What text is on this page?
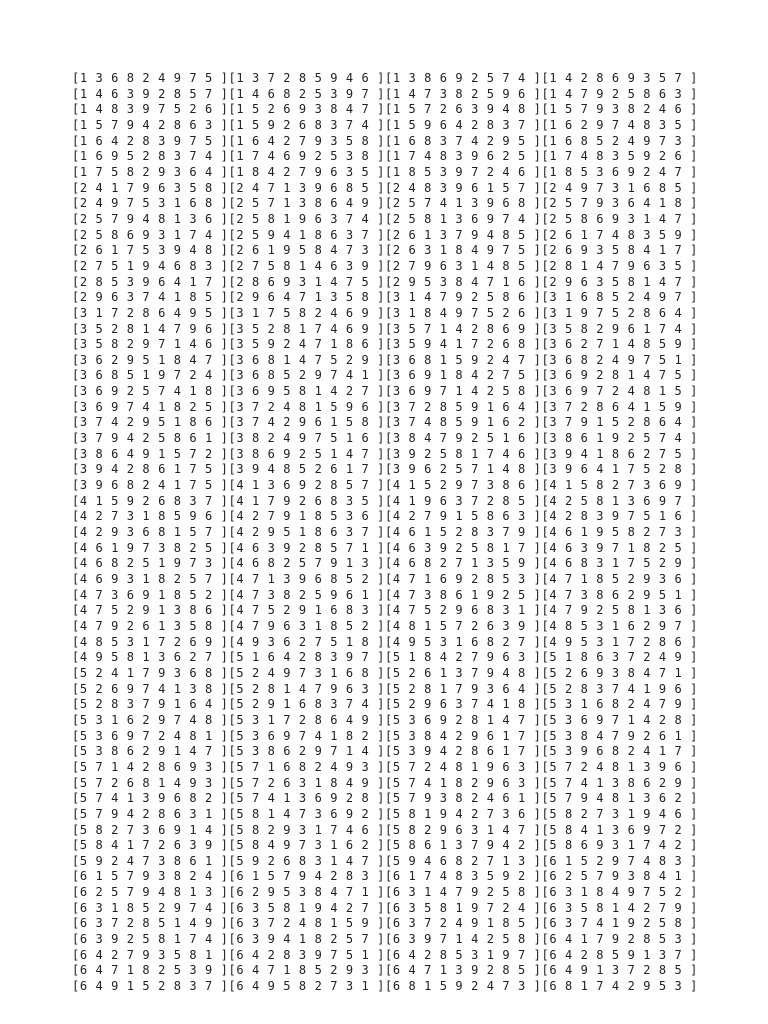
[1 3 6 8 2 4 9 7 5 ] [1 3 7 2 8 5 9 4 6 ] [1 3 8 6 9 2 5 7 4 ] [1 4 2 8 6 9 3 5 7 ]
[1 4 6 3 9 2 8 5 7 ] [1 4 6 8 2 5 3 9 7 ] [1 4 7 3 8 2 5 9 6 ] [1 4 7 9 2 5 8 6 3 ]
[1 4 8 3 9 7 5 2 6 ] [1 5 2 6 9 3 8 4 7 ] [1 5 7 2 6 3 9 4 8 ] [1 5 7 9 3 8 2 4 6 ]
[1 5 7 9 4 2 8 6 3 ] [1 5 9 2 6 8 3 7 4 ] [1 5 9 6 4 2 8 3 7 ] [1 6 2 9 7 4 8 3 5 ]
[1 6 4 2 8 3 9 7 5 ] [1 6 4 2 7 9 3 5 8 ] [1 6 8 3 7 4 2 9 5 ] [1 6 8 5 2 4 9 7 3 ]
[1 6 9 5 2 8 3 7 4 ] [1 7 4 6 9 2 5 3 8 ] [1 7 4 8 3 9 6 2 5 ] [1 7 4 8 3 5 9 2 6 ]
[1 7 5 8 2 9 3 6 4 ] [1 8 4 2 7 9 6 3 5 ] [1 8 5 3 9 7 2 4 6 ] [1 8 5 3 6 9 2 4 7 ]
[2 4 1 7 9 6 3 5 8 ] [2 4 7 1 3 9 6 8 5 ] [2 4 8 3 9 6 1 5 7 ] [2 4 9 7 3 1 6 8 5 ]
[2 4 9 7 5 3 1 6 8 ] [2 5 7 1 3 8 6 4 9 ] [2 5 7 4 1 3 9 6 8 ] [2 5 7 9 3 6 4 1 8 ]
[2 5 7 9 4 8 1 3 6 ] [2 5 8 1 9 6 3 7 4 ] [2 5 8 1 3 6 9 7 4 ] [2 5 8 6 9 3 1 4 7 ]
[2 5 8 6 9 3 1 7 4 ] [2 5 9 4 1 8 6 3 7 ] [2 6 1 3 7 9 4 8 5 ] [2 6 1 7 4 8 3 5 9 ]
[2 6 1 7 5 3 9 4 8 ] [2 6 1 9 5 8 4 7 3 ] [2 6 3 1 8 4 9 7 5 ] [2 6 9 3 5 8 4 1 7 ]
[2 7 5 1 9 4 6 8 3 ] [2 7 5 8 1 4 6 3 9 ] [2 7 9 6 3 1 4 8 5 ] [2 8 1 4 7 9 6 3 5 ]
[2 8 5 3 9 6 4 1 7 ] [2 8 6 9 3 1 4 7 5 ] [2 9 5 3 8 4 7 1 6 ] [2 9 6 3 5 8 1 4 7 ]
[2 9 6 3 7 4 1 8 5 ] [2 9 6 4 7 1 3 5 8 ] [3 1 4 7 9 2 5 8 6 ] [3 1 6 8 5 2 4 9 7 ]
[3 1 7 2 8 6 4 9 5 ] [3 1 7 5 8 2 4 6 9 ] [3 1 8 4 9 7 5 2 6 ] [3 1 9 7 5 2 8 6 4 ]
[3 5 2 8 1 4 7 9 6 ] [3 5 2 8 1 7 4 6 9 ] [3 5 7 1 4 2 8 6 9 ] [3 5 8 2 9 6 1 7 4 ]
[3 5 8 2 9 7 1 4 6 ] [3 5 9 2 4 7 1 8 6 ] [3 5 9 4 1 7 2 6 8 ] [3 6 2 7 1 4 8 5 9 ]
[3 6 2 9 5 1 8 4 7 ] [3 6 8 1 4 7 5 2 9 ] [3 6 8 1 5 9 2 4 7 ] [3 6 8 2 4 9 7 5 1 ]
[3 6 8 5 1 9 7 2 4 ] [3 6 8 5 2 9 7 4 1 ] [3 6 9 1 8 4 2 7 5 ] [3 6 9 2 8 1 4 7 5 ]
[3 6 9 2 5 7 4 1 8 ] [3 6 9 5 8 1 4 2 7 ] [3 6 9 7 1 4 2 5 8 ] [3 6 9 7 2 4 8 1 5 ]
[3 6 9 7 4 1 8 2 5 ] [3 7 2 4 8 1 5 9 6 ] [3 7 2 8 5 9 1 6 4 ] [3 7 2 8 6 4 1 5 9 ]
[3 7 4 2 9 5 1 8 6 ] [3 7 4 2 9 6 1 5 8 ] [3 7 4 8 5 9 1 6 2 ] [3 7 9 1 5 2 8 6 4 ]
[3 7 9 4 2 5 8 6 1 ] [3 8 2 4 9 7 5 1 6 ] [3 8 4 7 9 2 5 1 6 ] [3 8 6 1 9 2 5 7 4 ]
[3 8 6 4 9 1 5 7 2 ] [3 8 6 9 2 5 1 4 7 ] [3 9 2 5 8 1 7 4 6 ] [3 9 4 1 8 6 2 7 5 ]
[3 9 4 2 8 6 1 7 5 ] [3 9 4 8 5 2 6 1 7 ] [3 9 6 2 5 7 1 4 8 ] [3 9 6 4 1 7 5 2 8 ]
[3 9 6 8 2 4 1 7 5 ] [4 1 3 6 9 2 8 5 7 ] [4 1 5 2 9 7 3 8 6 ] [4 1 5 8 2 7 3 6 9 ]
[4 1 5 9 2 6 8 3 7 ] [4 1 7 9 2 6 8 3 5 ] [4 1 9 6 3 7 2 8 5 ] [4 2 5 8 1 3 6 9 7 ]
[4 2 7 3 1 8 5 9 6 ] [4 2 7 9 1 8 5 3 6 ] [4 2 7 9 1 5 8 6 3 ] [4 2 8 3 9 7 5 1 6 ]
[4 2 9 3 6 8 1 5 7 ] [4 2 9 5 1 8 6 3 7 ] [4 6 1 5 2 8 3 7 9 ] [4 6 1 9 5 8 2 7 3 ]
[4 6 1 9 7 3 8 2 5 ] [4 6 3 9 2 8 5 7 1 ] [4 6 3 9 2 5 8 1 7 ] [4 6 3 9 7 1 8 2 5 ]
[4 6 8 2 5 1 9 7 3 ] [4 6 8 2 5 7 9 1 3 ] [4 6 8 2 7 1 3 5 9 ] [4 6 8 3 1 7 5 2 9 ]
[4 6 9 3 1 8 2 5 7 ] [4 7 1 3 9 6 8 5 2 ] [4 7 1 6 9 2 8 5 3 ] [4 7 1 8 5 2 9 3 6 ]
[4 7 3 6 9 1 8 5 2 ] [4 7 3 8 2 5 9 6 1 ] [4 7 3 8 6 1 9 2 5 ] [4 7 3 8 6 2 9 5 1 ]
[4 7 5 2 9 1 3 8 6 ] [4 7 5 2 9 1 6 8 3 ] [4 7 5 2 9 6 8 3 1 ] [4 7 9 2 5 8 1 3 6 ]
[4 7 9 2 6 1 3 5 8 ] [4 7 9 6 3 1 8 5 2 ] [4 8 1 5 7 2 6 3 9 ] [4 8 5 3 1 6 2 9 7 ]
[4 8 5 3 1 7 2 6 9 ] [4 9 3 6 2 7 5 1 8 ] [4 9 5 3 1 6 8 2 7 ] [4 9 5 3 1 7 2 8 6 ]
[4 9 5 8 1 3 6 2 7 ] [5 1 6 4 2 8 3 9 7 ] [5 1 8 4 2 7 9 6 3 ] [5 1 8 6 3 7 2 4 9 ]
[5 2 4 1 7 9 3 6 8 ] [5 2 4 9 7 3 1 6 8 ] [5 2 6 1 3 7 9 4 8 ] [5 2 6 9 3 8 4 7 1 ]
[5 2 6 9 7 4 1 3 8 ] [5 2 8 1 4 7 9 6 3 ] [5 2 8 1 7 9 3 6 4 ] [5 2 8 3 7 4 1 9 6 ]
[5 2 8 3 7 9 1 6 4 ] [5 2 9 1 6 8 3 7 4 ] [5 2 9 6 3 7 4 1 8 ] [5 3 1 6 8 2 4 7 9 ]
[5 3 1 6 2 9 7 4 8 ] [5 3 1 7 2 8 6 4 9 ] [5 3 6 9 2 8 1 4 7 ] [5 3 6 9 7 1 4 2 8 ]
[5 3 6 9 7 2 4 8 1 ] [5 3 6 9 7 4 1 8 2 ] [5 3 8 4 2 9 6 1 7 ] [5 3 8 4 7 9 2 6 1 ]
[5 3 8 6 2 9 1 4 7 ] [5 3 8 6 2 9 7 1 4 ] [5 3 9 4 2 8 6 1 7 ] [5 3 9 6 8 2 4 1 7 ]
[5 7 1 4 2 8 6 9 3 ] [5 7 1 6 8 2 4 9 3 ] [5 7 2 4 8 1 9 6 3 ] [5 7 2 4 8 1 3 9 6 ]
[5 7 2 6 8 1 4 9 3 ] [5 7 2 6 3 1 8 4 9 ] [5 7 4 1 8 2 9 6 3 ] [5 7 4 1 3 8 6 2 9 ]
[5 7 4 1 3 9 6 8 2 ] [5 7 4 1 3 6 9 2 8 ] [5 7 9 3 8 2 4 6 1 ] [5 7 9 4 8 1 3 6 2 ]
[5 7 9 4 2 8 6 3 1 ] [5 8 1 4 7 3 6 9 2 ] [5 8 1 9 4 2 7 3 6 ] [5 8 2 7 3 1 9 4 6 ]
[5 8 2 7 3 6 9 1 4 ] [5 8 2 9 3 1 7 4 6 ] [5 8 2 9 6 3 1 4 7 ] [5 8 4 1 3 6 9 7 2 ]
[5 8 4 1 7 2 6 3 9 ] [5 8 4 9 7 3 1 6 2 ] [5 8 6 1 3 7 9 4 2 ] [5 8 6 9 3 1 7 4 2 ]
[5 9 2 4 7 3 8 6 1 ] [5 9 2 6 8 3 1 4 7 ] [5 9 4 6 8 2 7 1 3 ] [6 1 5 2 9 7 4 8 3 ]
[6 1 5 7 9 3 8 2 4 ] [6 1 5 7 9 4 2 8 3 ] [6 1 7 4 8 3 5 9 2 ] [6 2 5 7 9 3 8 4 1 ]
[6 2 5 7 9 4 8 1 3 ] [6 2 9 5 3 8 4 7 1 ] [6 3 1 4 7 9 2 5 8 ] [6 3 1 8 4 9 7 5 2 ]
[6 3 1 8 5 2 9 7 4 ] [6 3 5 8 1 9 4 2 7 ] [6 3 5 8 1 9 7 2 4 ] [6 3 5 8 1 4 2 7 9 ]
[6 3 7 2 8 5 1 4 9 ] [6 3 7 2 4 8 1 5 9 ] [6 3 7 2 4 9 1 8 5 ] [6 3 7 4 1 9 2 5 8 ]
[6 3 9 2 5 8 1 7 4 ] [6 3 9 4 1 8 2 5 7 ] [6 3 9 7 1 4 2 5 8 ] [6 4 1 7 9 2 8 5 3 ]
[6 4 2 7 9 3 5 8 1 ] [6 4 2 8 3 9 7 5 1 ] [6 4 2 8 5 3 1 9 7 ] [6 4 2 8 5 9 1 3 7 ]
[6 4 7 1 8 2 5 3 9 ] [6 4 7 1 8 5 2 9 3 ] [6 4 7 1 3 9 2 8 5 ] [6 4 9 1 3 7 2 8 5 ]
[6 4 9 1 5 2 8 3 7 ] [6 4 9 5 8 2 7 3 1 ] [6 8 1 5 9 2 4 7 3 ] [6 8 1 7 4 2 9 5 3 ]
